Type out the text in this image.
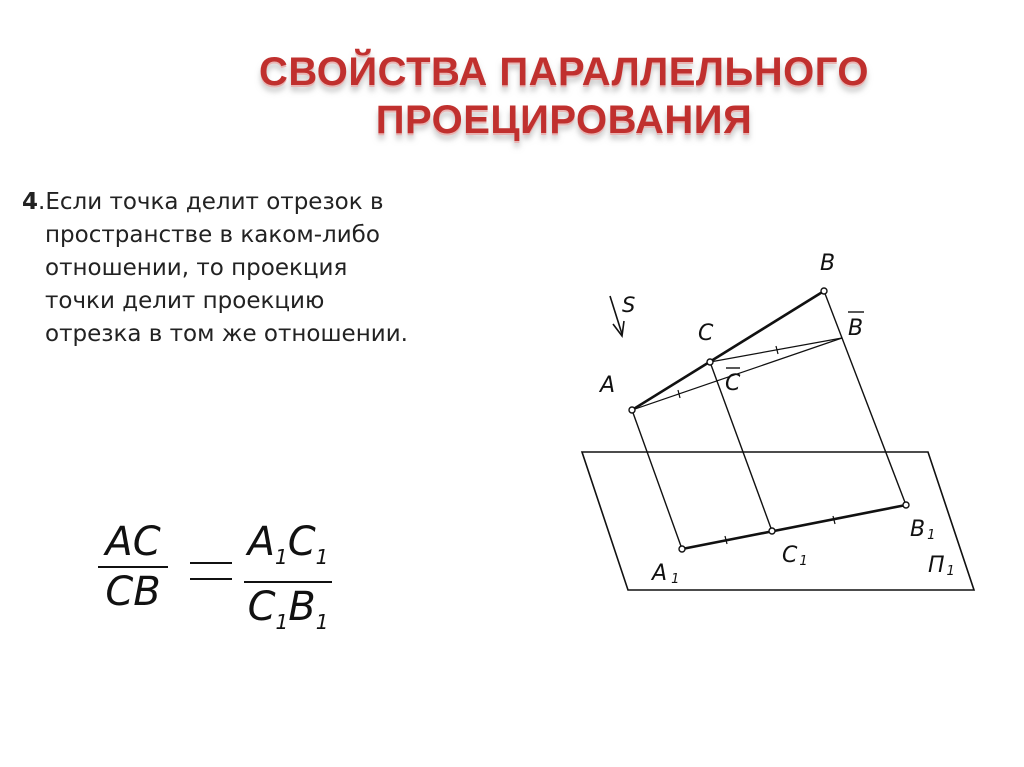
СВОЙСТВА ПАРАЛЛЕЛЬНОГО
ПРОЕЦИРОВАНИЯ
4.Если точка делит отрезок в
пространстве в каком-либо
отношении, то проекция
точки делит проекцию
отрезка в том же отношении.
AC
CB
$A_1C_1$
$C_1B_1$
S
A
C
B
B
C
A 1
C 1
B 1
П 1
